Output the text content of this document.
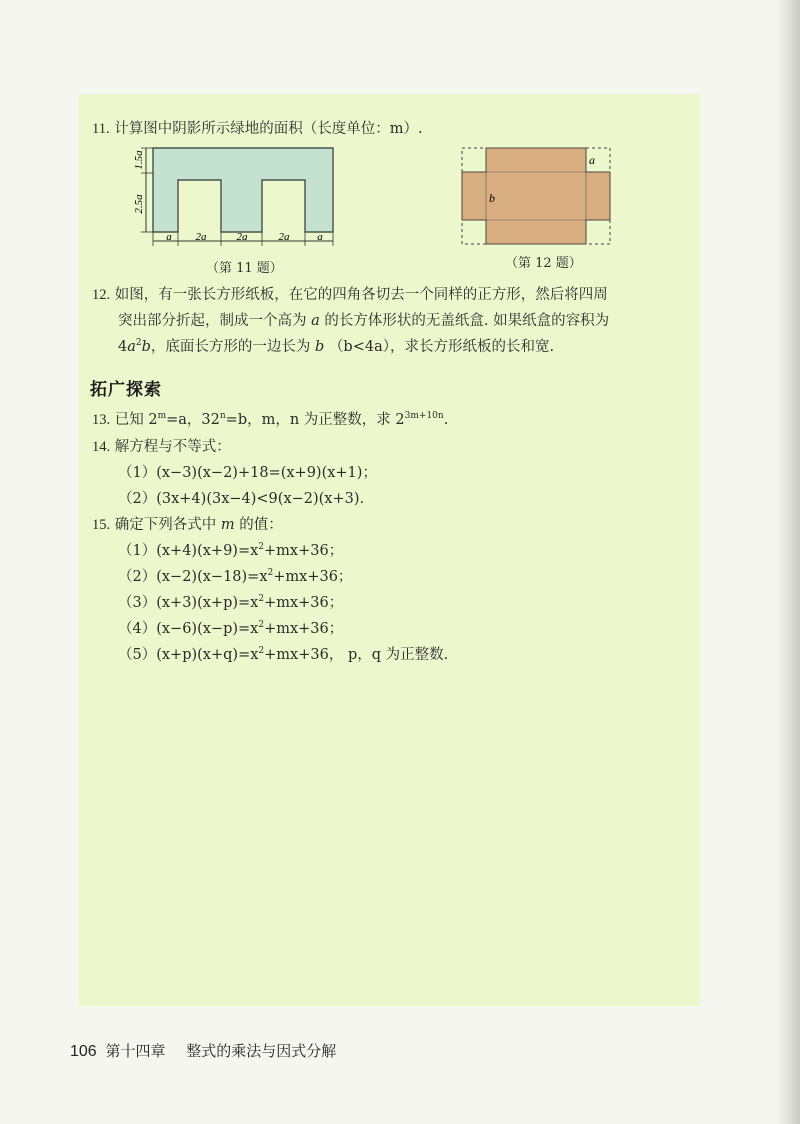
11. 计算图中阴影所示绿地的面积（长度单位：m）.
1.5a
2.5a
a 2a	2a	2a	a
（第 11 题）
a
b
（第 12 题）
12. 如图，有一张长方形纸板，在它的四角各切去一个同样的正方形，然后将四周
突出部分折起，制成一个高为 a 的长方体形状的无盖纸盒. 如果纸盒的容积为
$4a^2b$，底面长方形的一边长为 b （b<4a），求长方形纸板的长和宽.
拓广探索
13. 已知 $2^m=a$，$32^n=b$，m，n 为正整数，求 $2^{3m+10n}$.
14. 解方程与不等式：
（1）(x−3)(x−2)+18=(x+9)(x+1)；
（2）(3x+4)(3x−4)<9(x−2)(x+3).
15. 确定下列各式中 m 的值：
$(1)(x+4)(x+9)=x^2+mx+36$；
$(2)(x-2)(x-18)=x^2+mx+36$；
$(3)(x+3)(x+p)=x^2+mx+36$；
$(4)(x-6)(x-p)=x^2+mx+36$；
$(5)(x+p)(x+q)=x^2+mx+36$， p，q 为正整数.
106 第十四章 整式的乘法与因式分解
